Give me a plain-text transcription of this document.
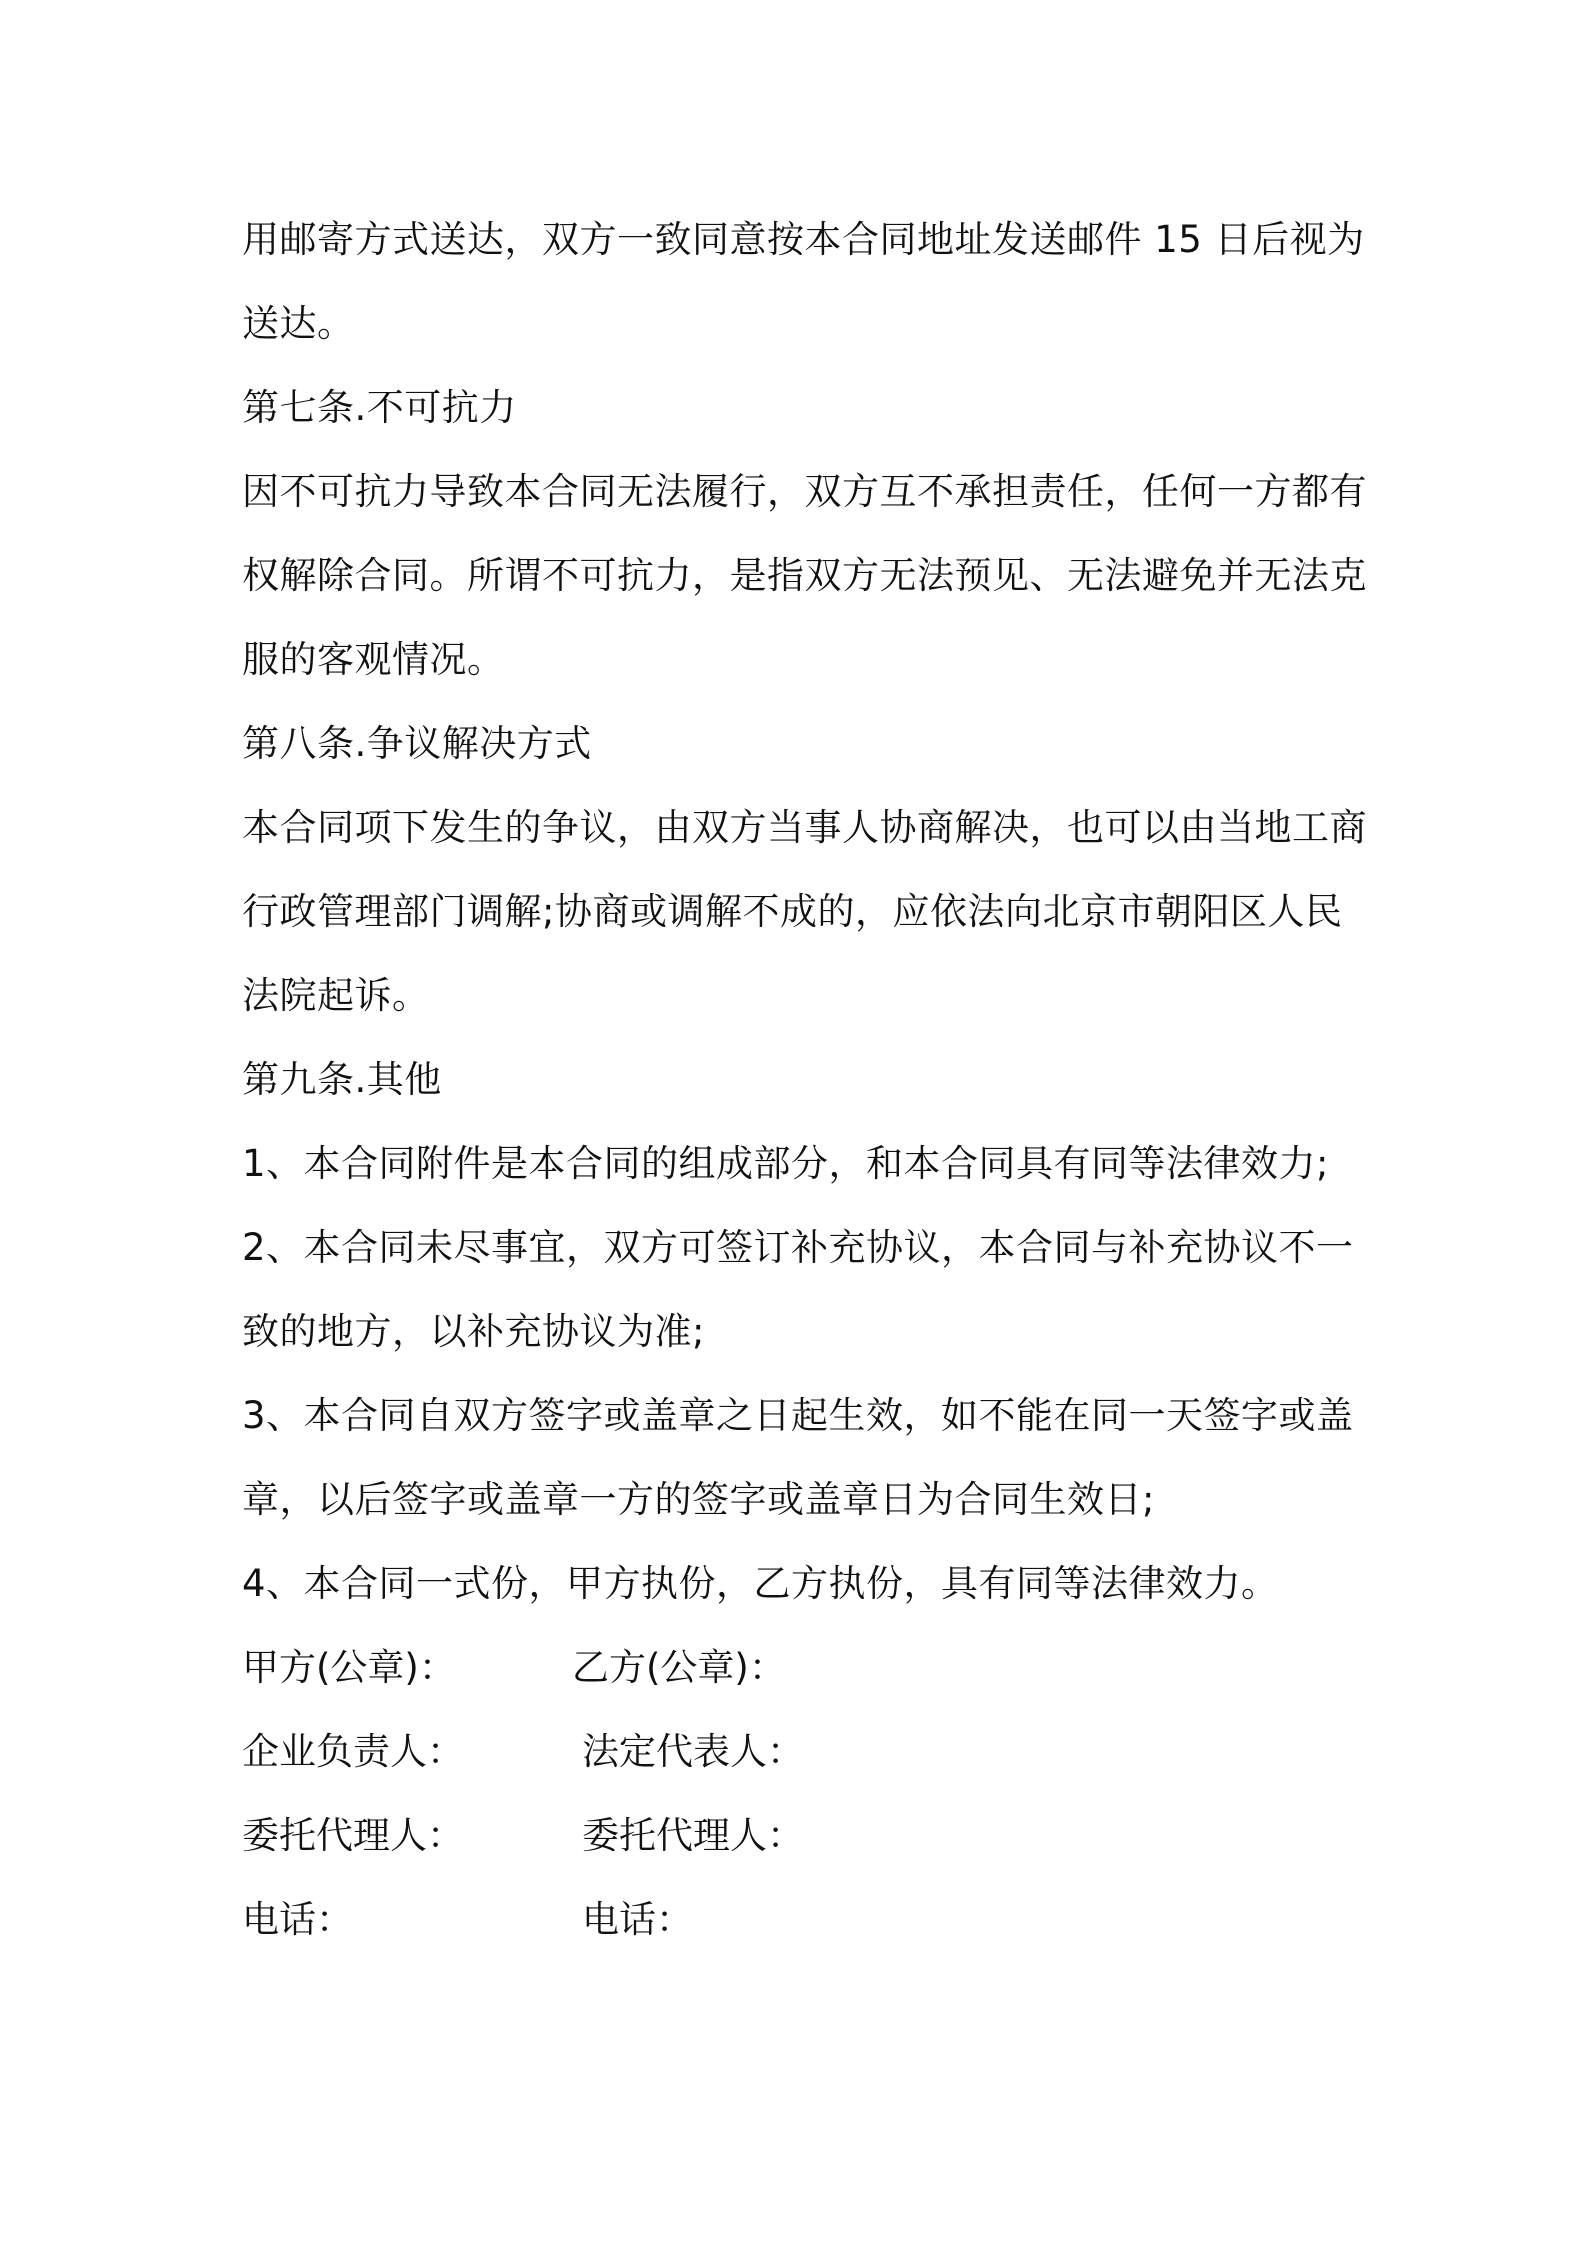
用邮寄方式送达，双方一致同意按本合同地址发送邮件 15 日后视为
送达。
第七条.不可抗力
因不可抗力导致本合同无法履行，双方互不承担责任，任何一方都有
权解除合同。所谓不可抗力，是指双方无法预见、无法避免并无法克
服的客观情况。
第八条.争议解决方式
本合同项下发生的争议，由双方当事人协商解决，也可以由当地工商
行政管理部门调解;协商或调解不成的，应依法向北京市朝阳区人民
法院起诉。
第九条.其他
1、本合同附件是本合同的组成部分，和本合同具有同等法律效力;
2、本合同未尽事宜，双方可签订补充协议，本合同与补充协议不一
致的地方，以补充协议为准;
3、本合同自双方签字或盖章之日起生效，如不能在同一天签字或盖
章，以后签字或盖章一方的签字或盖章日为合同生效日;
4、本合同一式份，甲方执份，乙方执份，具有同等法律效力。
甲方(公章)：	乙方(公章)：
企业负责人：	法定代表人：
委托代理人：	委托代理人：
电话：	电话：
